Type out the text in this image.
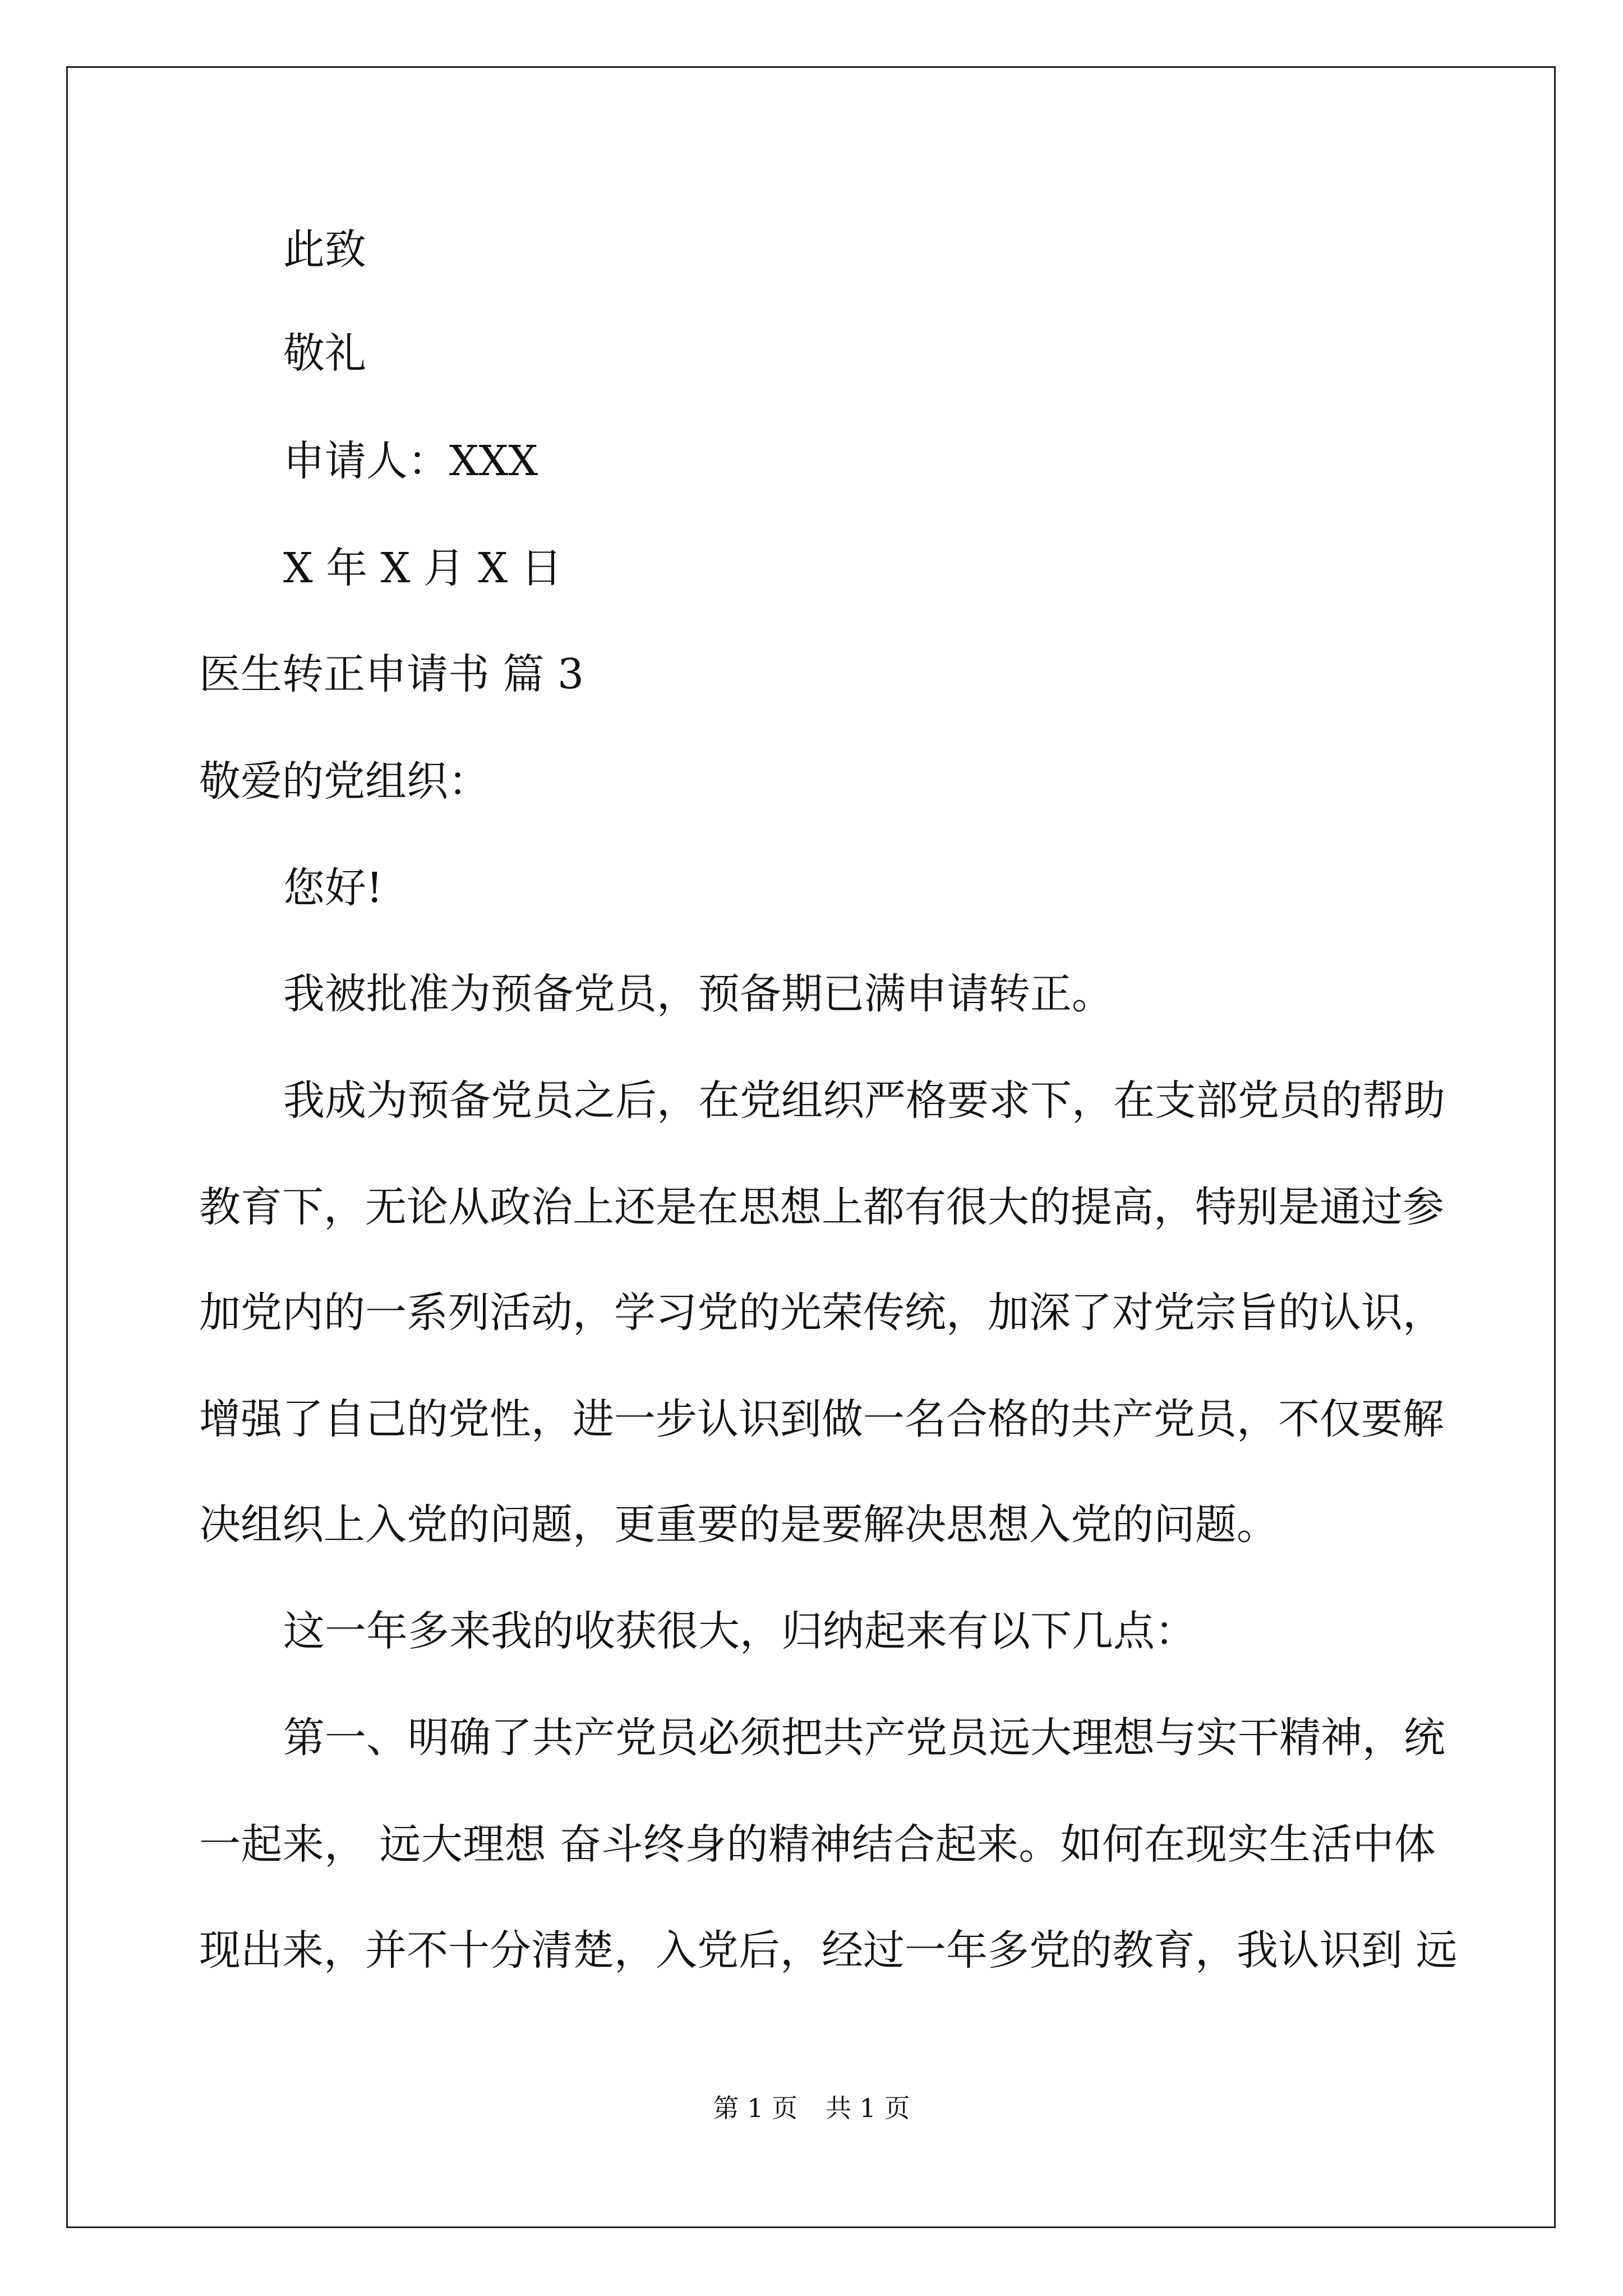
此致
敬礼
申请人：XXX
X 年 X 月 X 日
医生转正申请书 篇 3
敬爱的党组织：
您好!
我被批准为预备党员，预备期已满申请转正。
我成为预备党员之后，在党组织严格要求下，在支部党员的帮助
教育下，无论从政治上还是在思想上都有很大的提高，特别是通过参
加党内的一系列活动，学习党的光荣传统，加深了对党宗旨的认识，
增强了自己的党性，进一步认识到做一名合格的共产党员，不仅要解
决组织上入党的问题，更重要的是要解决思想入党的问题。
这一年多来我的收获很大，归纳起来有以下几点：
第一、明确了共产党员必须把共产党员远大理想与实干精神，统
一起来， 远大理想 奋斗终身的精神结合起来。如何在现实生活中体
现出来，并不十分清楚，入党后，经过一年多党的教育，我认识到 远
第 1 页 共 1 页
